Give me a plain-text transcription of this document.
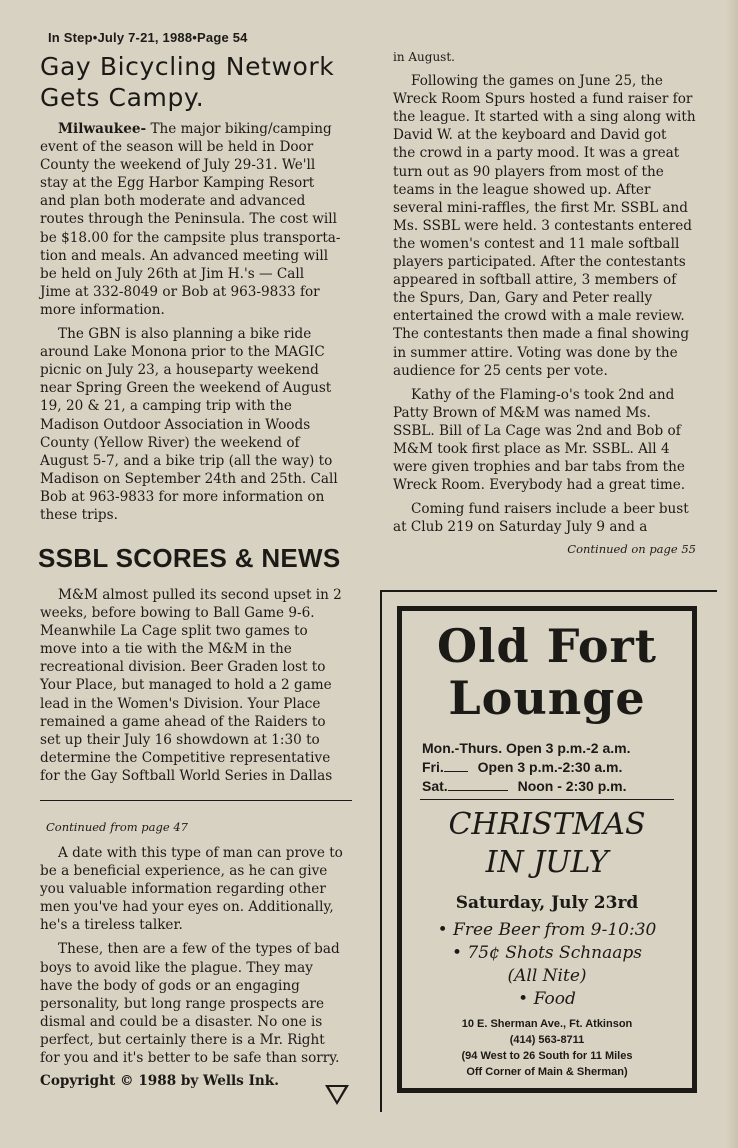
In Step•July 7-21, 1988•Page 54
Gay Bicycling Network
Gets Campy.
Milwaukee- The major biking/camping
event of the season will be held in Door
County the weekend of July 29-31. We'll
stay at the Egg Harbor Kamping Resort
and plan both moderate and advanced
routes through the Peninsula. The cost will
be $18.00 for the campsite plus transporta-
tion and meals. An advanced meeting will
be held on July 26th at Jim H.'s — Call
Jime at 332-8049 or Bob at 963-9833 for
more information.
The GBN is also planning a bike ride
around Lake Monona prior to the MAGIC
picnic on July 23, a houseparty weekend
near Spring Green the weekend of August
19, 20 & 21, a camping trip with the
Madison Outdoor Association in Woods
County (Yellow River) the weekend of
August 5-7, and a bike trip (all the way) to
Madison on September 24th and 25th. Call
Bob at 963-9833 for more information on
these trips.
SSBL SCORES & NEWS
M&M almost pulled its second upset in 2
weeks, before bowing to Ball Game 9-6.
Meanwhile La Cage split two games to
move into a tie with the M&M in the
recreational division. Beer Graden lost to
Your Place, but managed to hold a 2 game
lead in the Women's Division. Your Place
remained a game ahead of the Raiders to
set up their July 16 showdown at 1:30 to
determine the Competitive representative
for the Gay Softball World Series in Dallas
Continued from page 47
A date with this type of man can prove to
be a beneficial experience, as he can give
you valuable information regarding other
men you've had your eyes on. Additionally,
he's a tireless talker.
These, then are a few of the types of bad
boys to avoid like the plague. They may
have the body of gods or an engaging
personality, but long range prospects are
dismal and could be a disaster. No one is
perfect, but certainly there is a Mr. Right
for you and it's better to be safe than sorry.
Copyright © 1988 by Wells Ink.
in August.
Following the games on June 25, the
Wreck Room Spurs hosted a fund raiser for
the league. It started with a sing along with
David W. at the keyboard and David got
the crowd in a party mood. It was a great
turn out as 90 players from most of the
teams in the league showed up. After
several mini-raffles, the first Mr. SSBL and
Ms. SSBL were held. 3 contestants entered
the women's contest and 11 male softball
players participated. After the contestants
appeared in softball attire, 3 members of
the Spurs, Dan, Gary and Peter really
entertained the crowd with a male review.
The contestants then made a final showing
in summer attire. Voting was done by the
audience for 25 cents per vote.
Kathy of the Flaming-o's took 2nd and
Patty Brown of M&M was named Ms.
SSBL. Bill of La Cage was 2nd and Bob of
M&M took first place as Mr. SSBL. All 4
were given trophies and bar tabs from the
Wreck Room. Everybody had a great time.
Coming fund raisers include a beer bust
at Club 219 on Saturday July 9 and a
Continued on page 55
Old Fort
Lounge
Mon.-Thurs. Open 3 p.m.-2 a.m.
Fri. Open 3 p.m.-2:30 a.m.
Sat.	Noon - 2:30 p.m.
CHRISTMAS
IN JULY
Saturday, July 23rd
• Free Beer from 9-10:30
• 75¢ Shots Schnaaps
(All Nite)
• Food
10 E. Sherman Ave., Ft. Atkinson
(414) 563-8711
(94 West to 26 South for 11 Miles
Off Corner of Main & Sherman)
